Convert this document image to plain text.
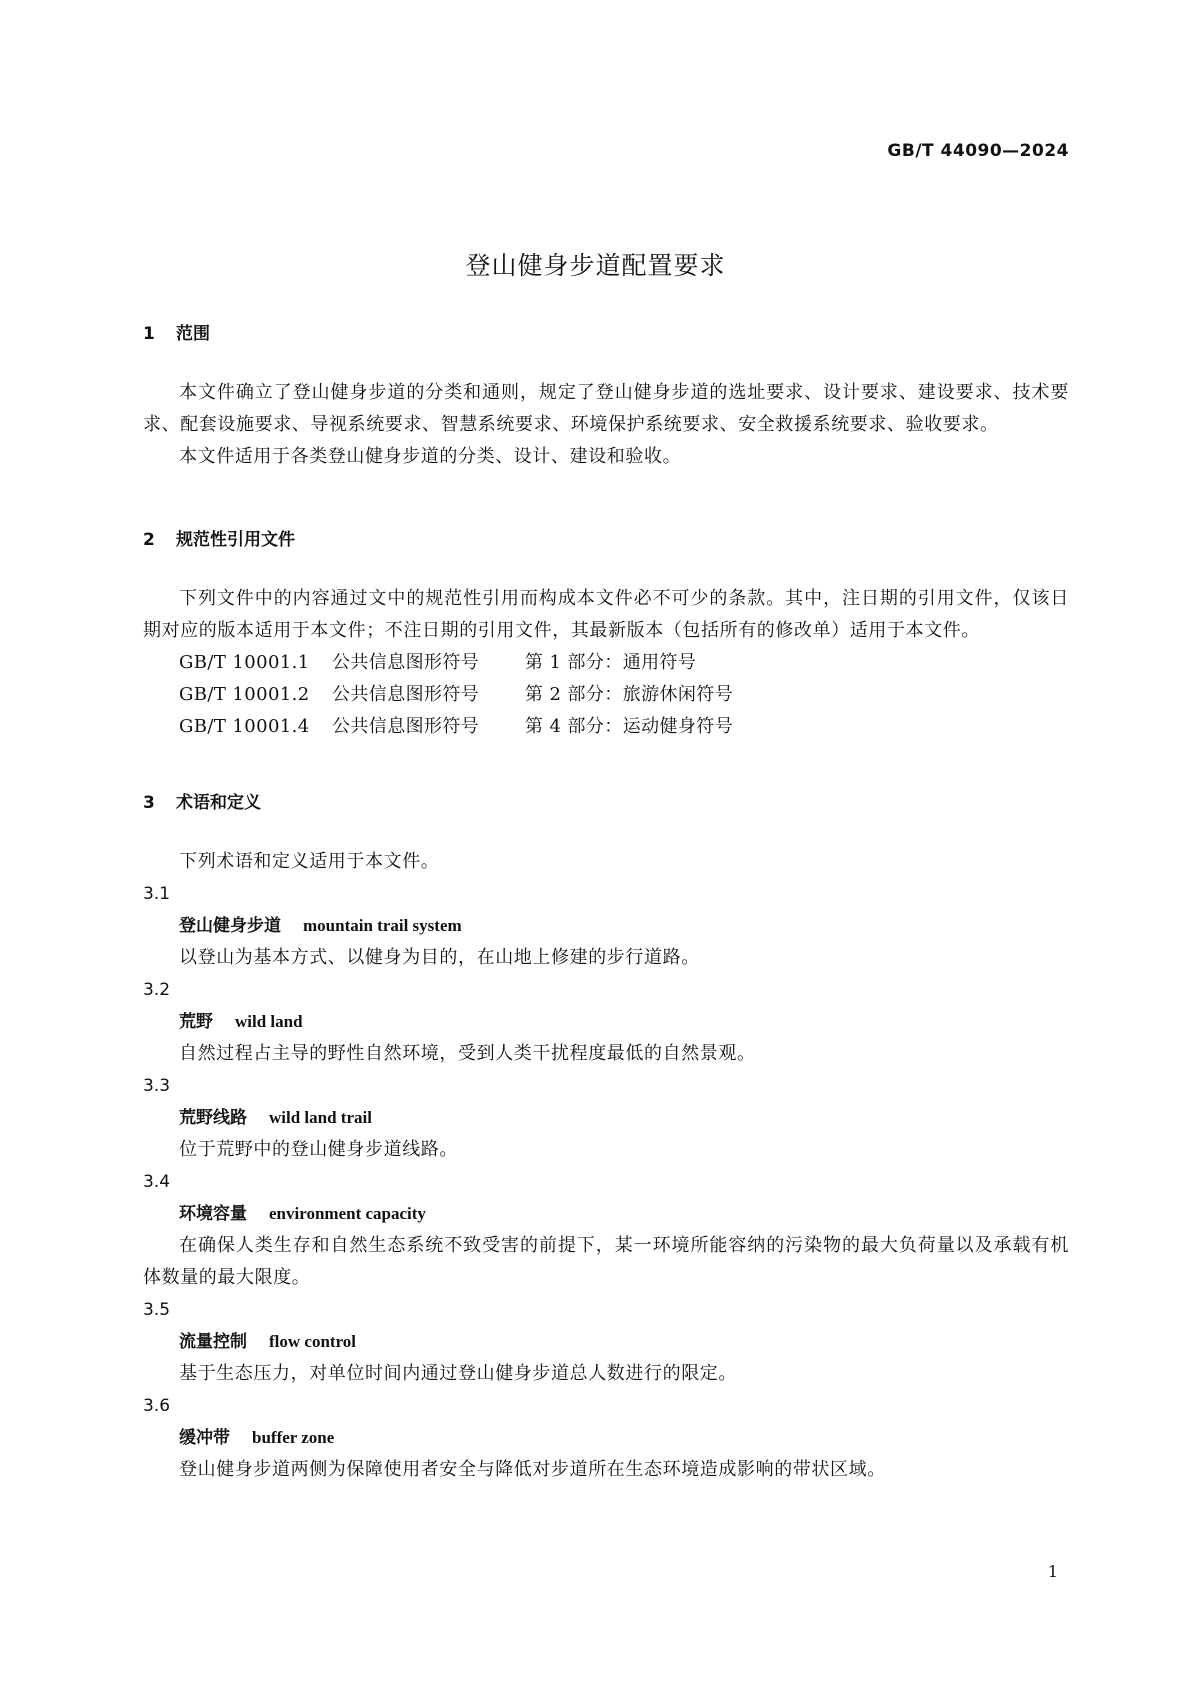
GB/T 44090—2024
登山健身步道配置要求
1 范围
本文件确立了登山健身步道的分类和通则，规定了登山健身步道的选址要求、设计要求、建设要求、技术要求、配套设施要求、导视系统要求、智慧系统要求、环境保护系统要求、安全救援系统要求、验收要求。
本文件适用于各类登山健身步道的分类、设计、建设和验收。
2 规范性引用文件
下列文件中的内容通过文中的规范性引用而构成本文件必不可少的条款。其中，注日期的引用文件，仅该日期对应的版本适用于本文件；不注日期的引用文件，其最新版本（包括所有的修改单）适用于本文件。
GB/T 10001.1 公共信息图形符号	第 1 部分：通用符号
GB/T 10001.2 公共信息图形符号	第 2 部分：旅游休闲符号
GB/T 10001.4 公共信息图形符号	第 4 部分：运动健身符号
3 术语和定义
下列术语和定义适用于本文件。
3.1
登山健身步道 mountain trail system
以登山为基本方式、以健身为目的，在山地上修建的步行道路。
3.2
荒野 wild land
自然过程占主导的野性自然环境，受到人类干扰程度最低的自然景观。
3.3
荒野线路 wild land trail
位于荒野中的登山健身步道线路。
3.4
环境容量 environment capacity
在确保人类生存和自然生态系统不致受害的前提下，某一环境所能容纳的污染物的最大负荷量以及承载有机体数量的最大限度。
3.5
流量控制 flow control
基于生态压力，对单位时间内通过登山健身步道总人数进行的限定。
3.6
缓冲带 buffer zone
登山健身步道两侧为保障使用者安全与降低对步道所在生态环境造成影响的带状区域。
1
